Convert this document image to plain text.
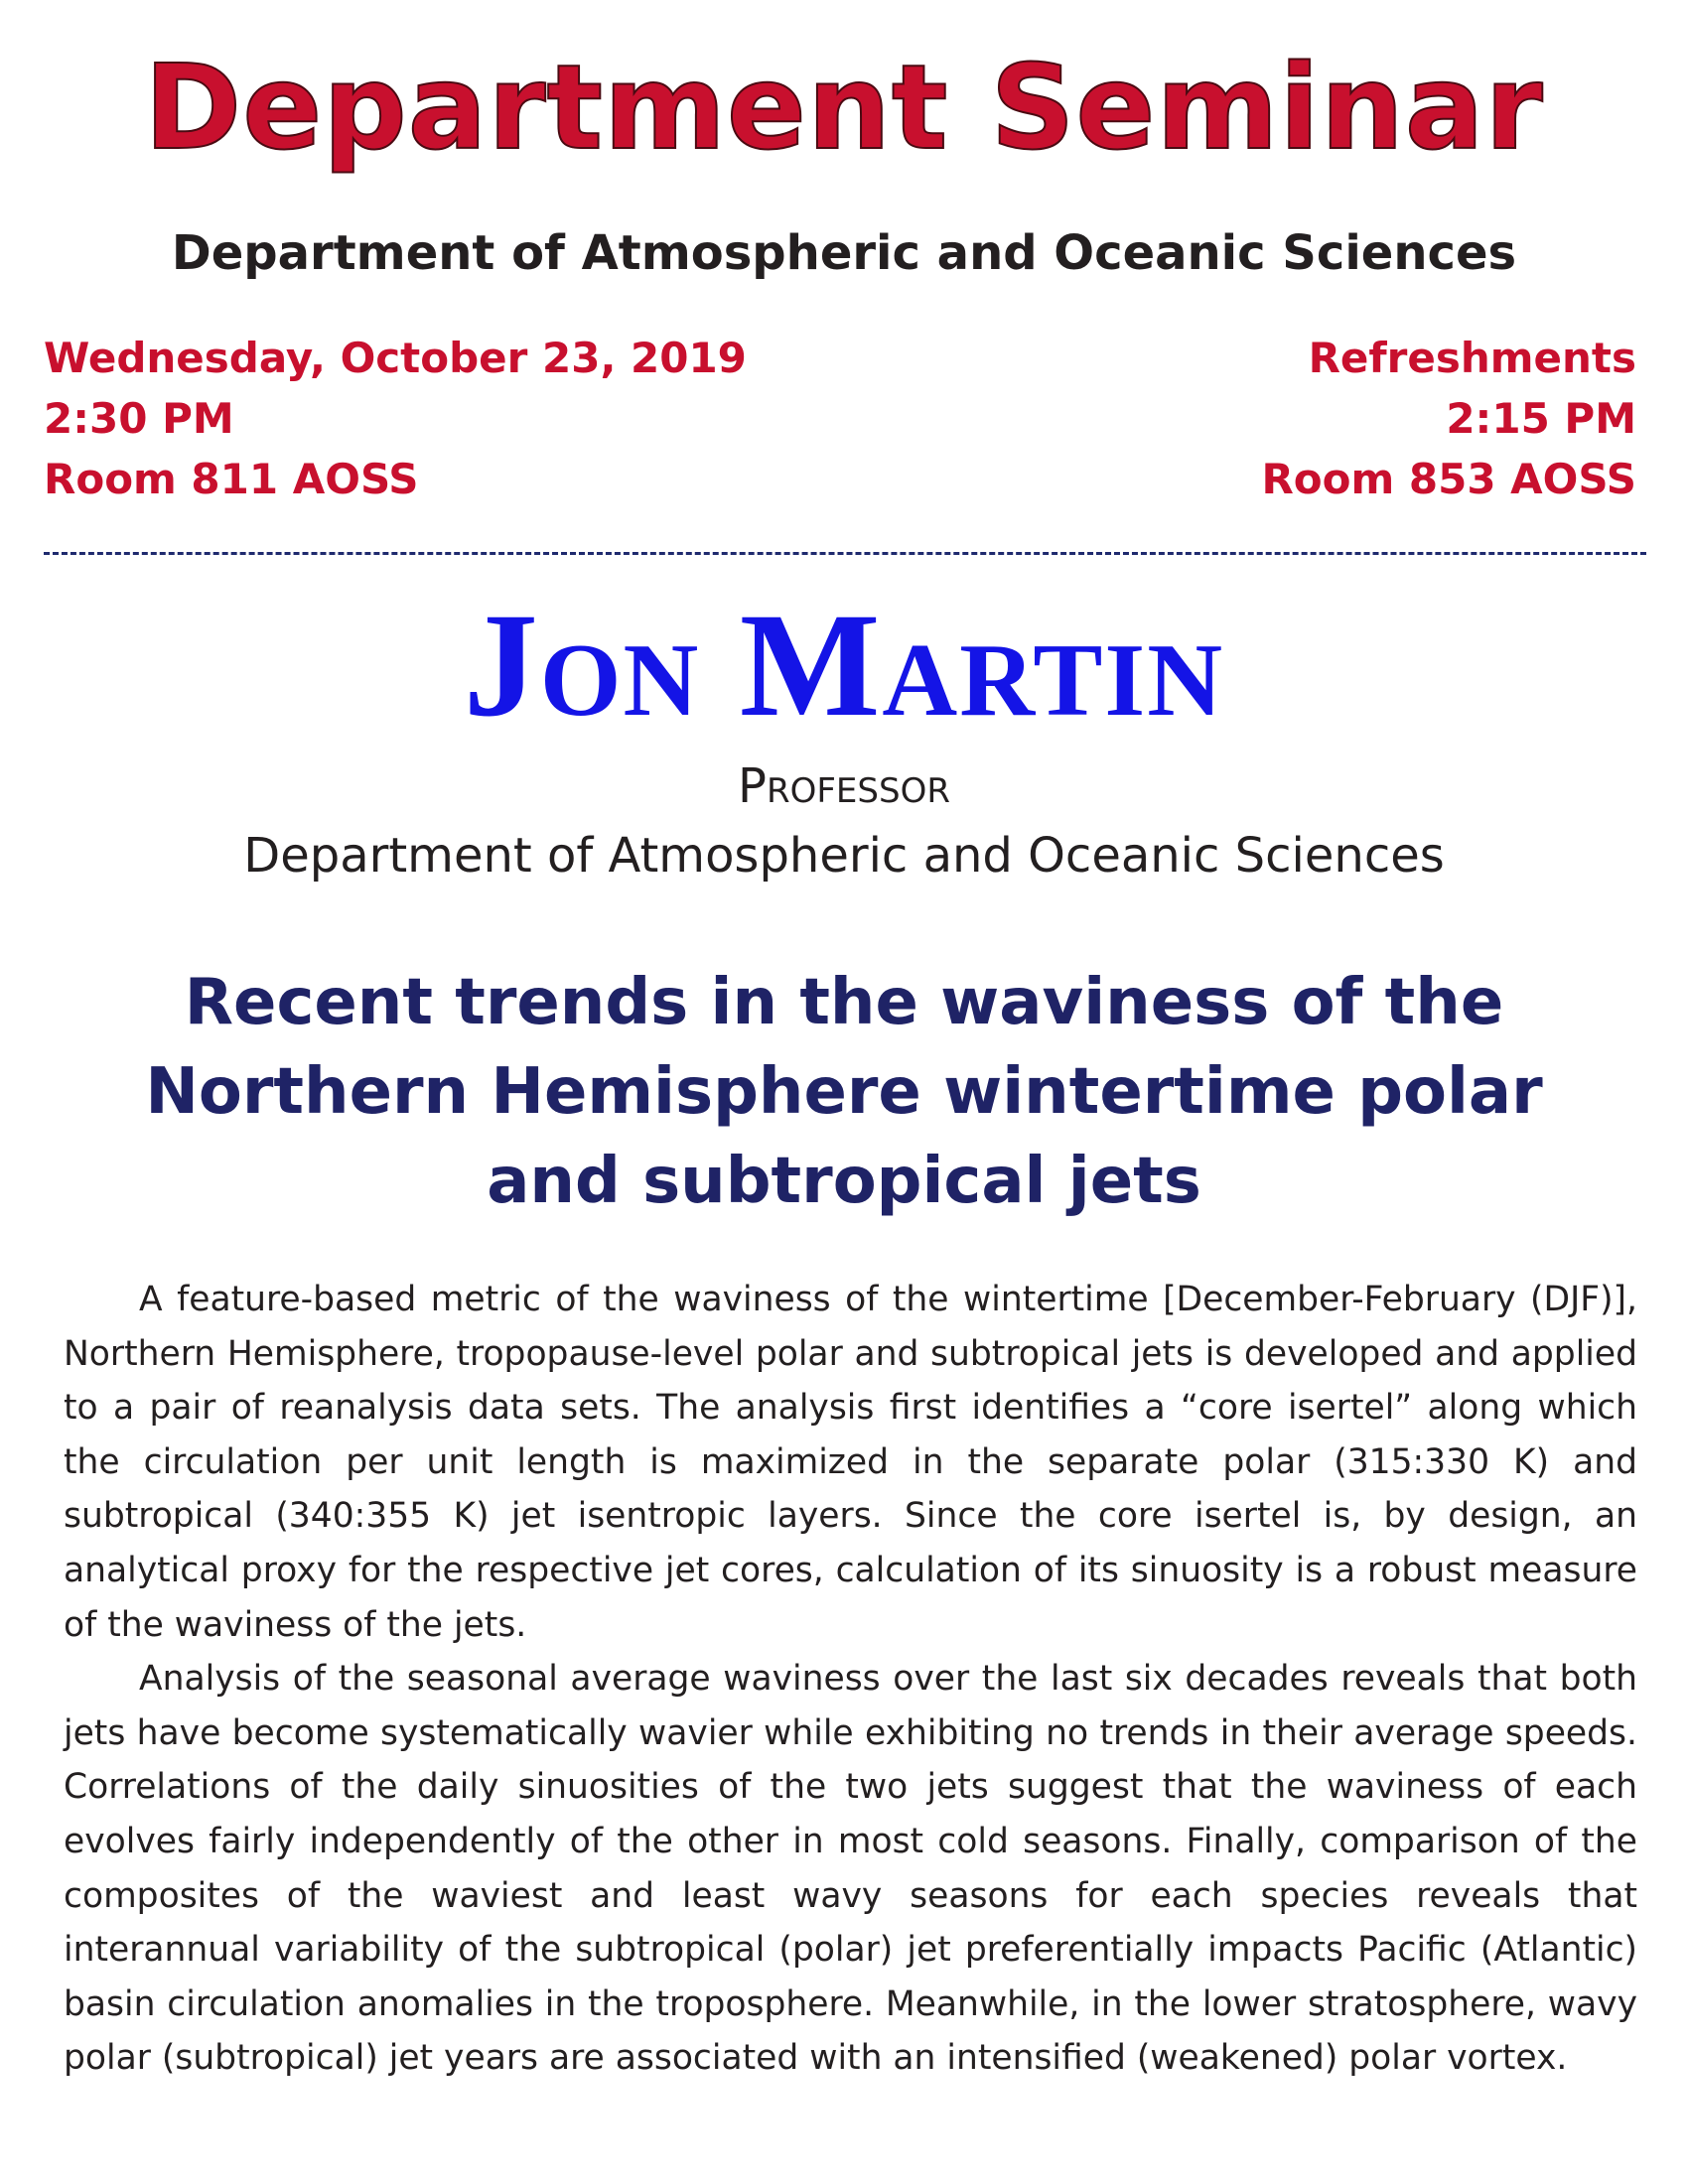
Department Seminar
Department of Atmospheric and Oceanic Sciences
Wednesday, October 23, 2019
2:30 PM
Room 811 AOSS
Refreshments
2:15 PM
Room 853 AOSS
Jon Martin
Professor
Department of Atmospheric and Oceanic Sciences
Recent trends in the waviness of the Northern Hemisphere wintertime polar and subtropical jets

A feature-based metric of the waviness of the wintertime [December-February (DJF)], Northern Hemisphere, tropopause-level polar and subtropical jets is developed and applied to a pair of reanalysis data sets. The analysis first identifies a “core isertel” along which the circulation per unit length is maximized in the separate polar (315:330 K) and subtropical (340:355 K) jet isentropic layers. Since the core isertel is, by design, an analytical proxy for the respective jet cores, calculation of its sinuosity is a robust measure of the waviness of the jets.

Analysis of the seasonal average waviness over the last six decades reveals that both jets have become systematically wavier while exhibiting no trends in their average speeds. Correlations of the daily sinuosities of the two jets suggest that the waviness of each evolves fairly independently of the other in most cold seasons. Finally, comparison of the composites of the waviest and least wavy seasons for each species reveals that interannual variability of the subtropical (polar) jet preferentially impacts Pacific (Atlantic) basin circulation anomalies in the troposphere. Meanwhile, in the lower stratosphere, wavy polar (subtropical) jet years are associated with an intensified (weakened) polar vortex.
